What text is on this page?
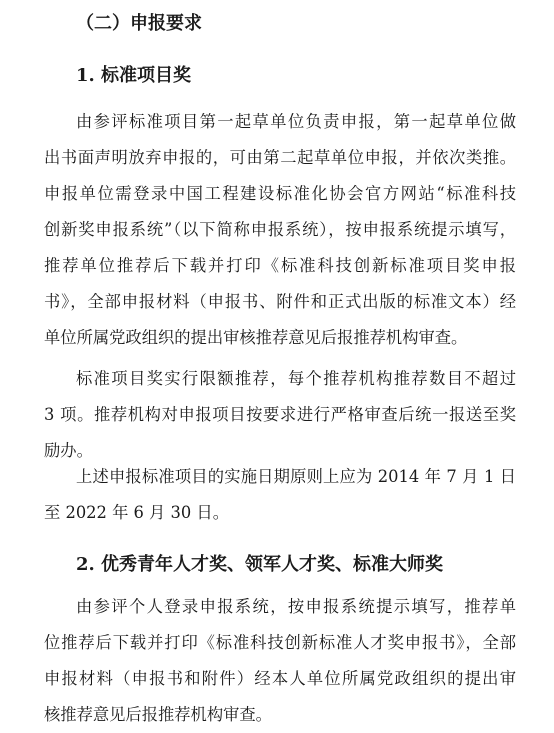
（二）申报要求
1. 标准项目奖
由参评标准项目第一起草单位负责申报，第一起草单位做
出书面声明放弃申报的，可由第二起草单位申报，并依次类推。
申报单位需登录中国工程建设标准化协会官方网站“标准科技
创新奖申报系统”（以下简称申报系统），按申报系统提示填写，
推荐单位推荐后下载并打印《标准科技创新标准项目奖申报
书》，全部申报材料（申报书、附件和正式出版的标准文本）经
单位所属党政组织的提出审核推荐意见后报推荐机构审查。
标准项目奖实行限额推荐，每个推荐机构推荐数目不超过
3 项。推荐机构对申报项目按要求进行严格审查后统一报送至奖
励办。
上述申报标准项目的实施日期原则上应为 2014 年 7 月 1 日
至 2022 年 6 月 30 日。
2. 优秀青年人才奖、领军人才奖、标准大师奖
由参评个人登录申报系统，按申报系统提示填写，推荐单
位推荐后下载并打印《标准科技创新标准人才奖申报书》，全部
申报材料（申报书和附件）经本人单位所属党政组织的提出审
核推荐意见后报推荐机构审查。
